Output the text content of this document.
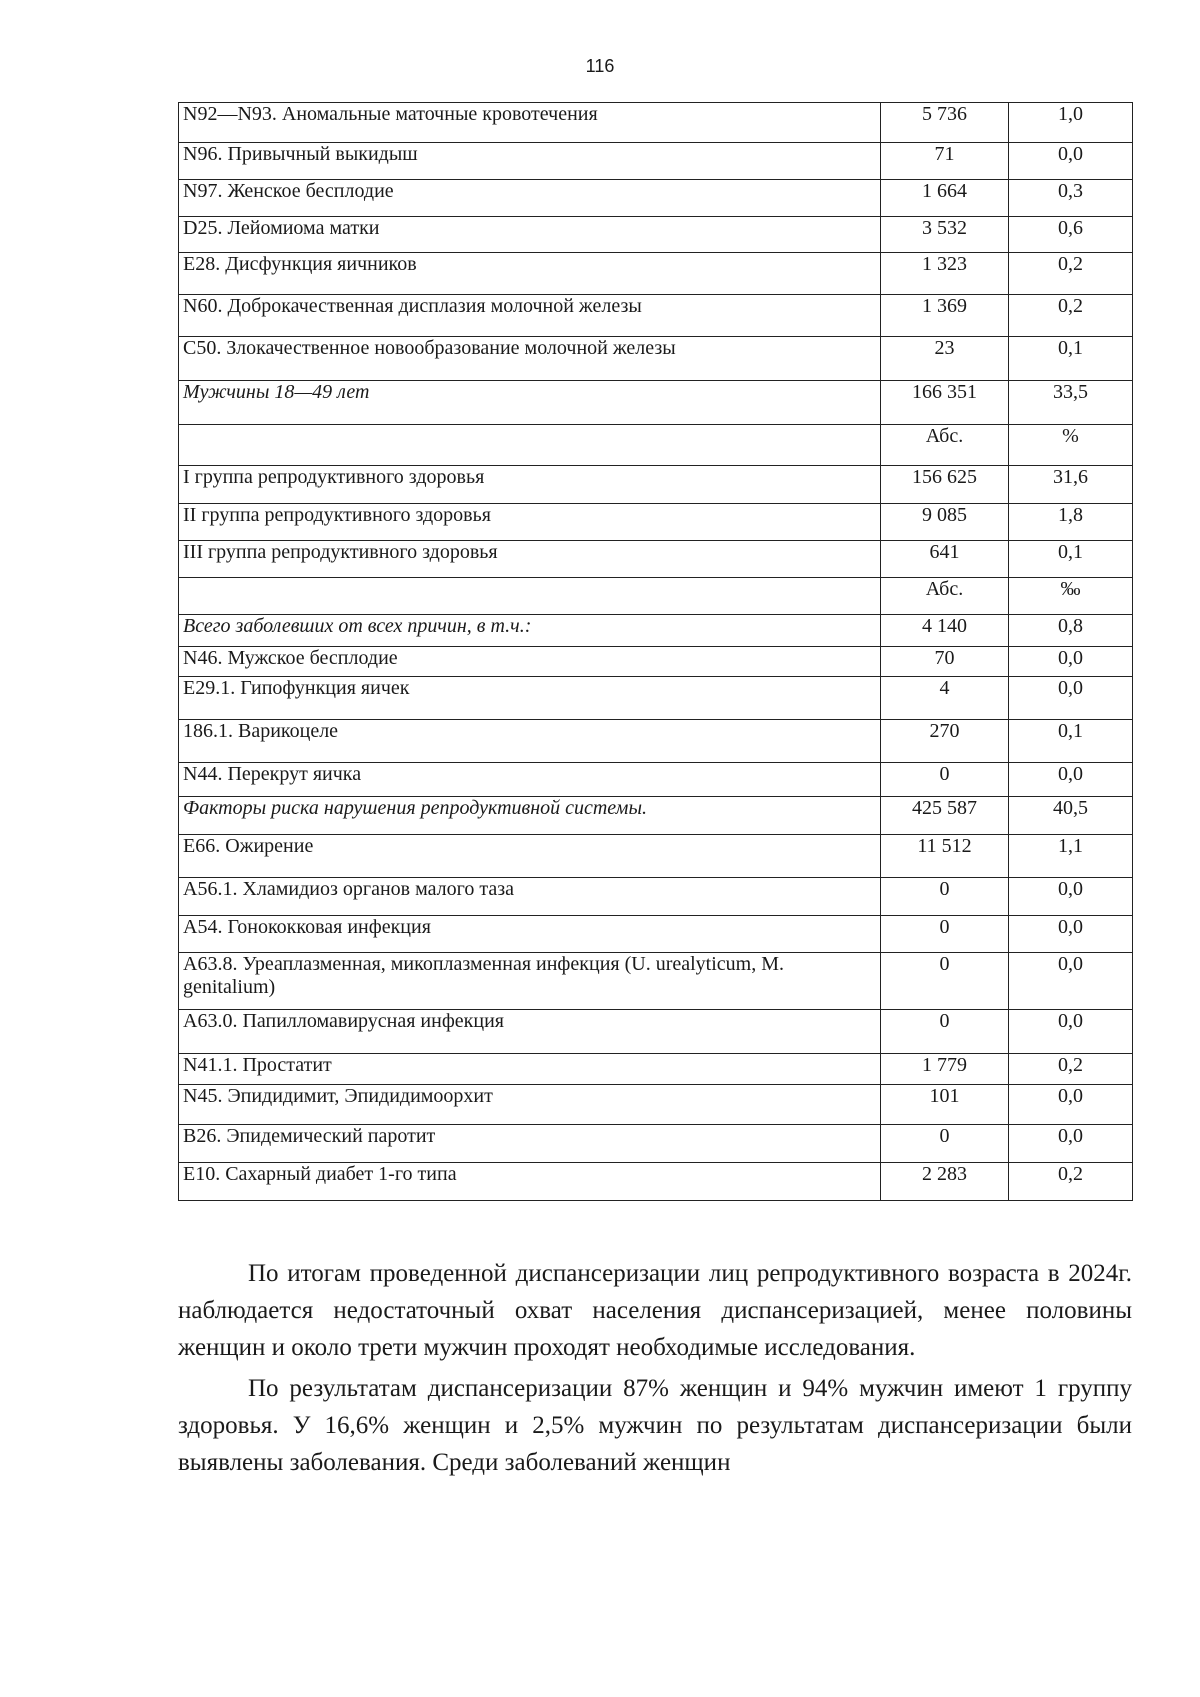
116
N92—N93. Аномальные маточные кровотечения	5 736	1,0
N96. Привычный выкидыш	71	0,0
N97. Женское бесплодие	1 664	0,3
D25. Лейомиома матки	3 532	0,6
E28. Дисфункция яичников	1 323	0,2
N60. Доброкачественная дисплазия молочной железы	1 369	0,2
C50. Злокачественное новообразование молочной железы	23	0,1
Мужчины 18—49 лет	166 351	33,5
	Абс.	%
I группа репродуктивного здоровья	156 625	31,6
II группа репродуктивного здоровья	9 085	1,8
III группа репродуктивного здоровья	641	0,1
	Абс.	‰
Всего заболевших от всех причин, в т.ч.:	4 140	0,8
N46. Мужское бесплодие	70	0,0
E29.1. Гипофункция яичек	4	0,0
186.1. Варикоцеле	270	0,1
N44. Перекрут яичка	0	0,0
Факторы риска нарушения репродуктивной системы.	425 587	40,5
E66. Ожирение	11 512	1,1
A56.1. Хламидиоз органов малого таза	0	0,0
A54. Гонококковая инфекция	0	0,0
A63.8. Уреаплазменная, микоплазменная инфекция (U. urealyticum, M. genitalium)	0	0,0
A63.0. Папилломавирусная инфекция	0	0,0
N41.1. Простатит	1 779	0,2
N45. Эпидидимит, Эпидидимоорхит	101	0,0
B26. Эпидемический паротит	0	0,0
E10. Сахарный диабет 1-го типа	2 283	0,2

По итогам проведенной диспансеризации лиц репродуктивного возраста в 2024г. наблюдается недостаточный охват населения диспансеризацией, менее половины женщин и около трети мужчин проходят необходимые исследования.

По результатам диспансеризации 87% женщин и 94% мужчин имеют 1 группу здоровья. У 16,6% женщин и 2,5% мужчин по результатам диспансеризации были выявлены заболевания. Среди заболеваний женщин
